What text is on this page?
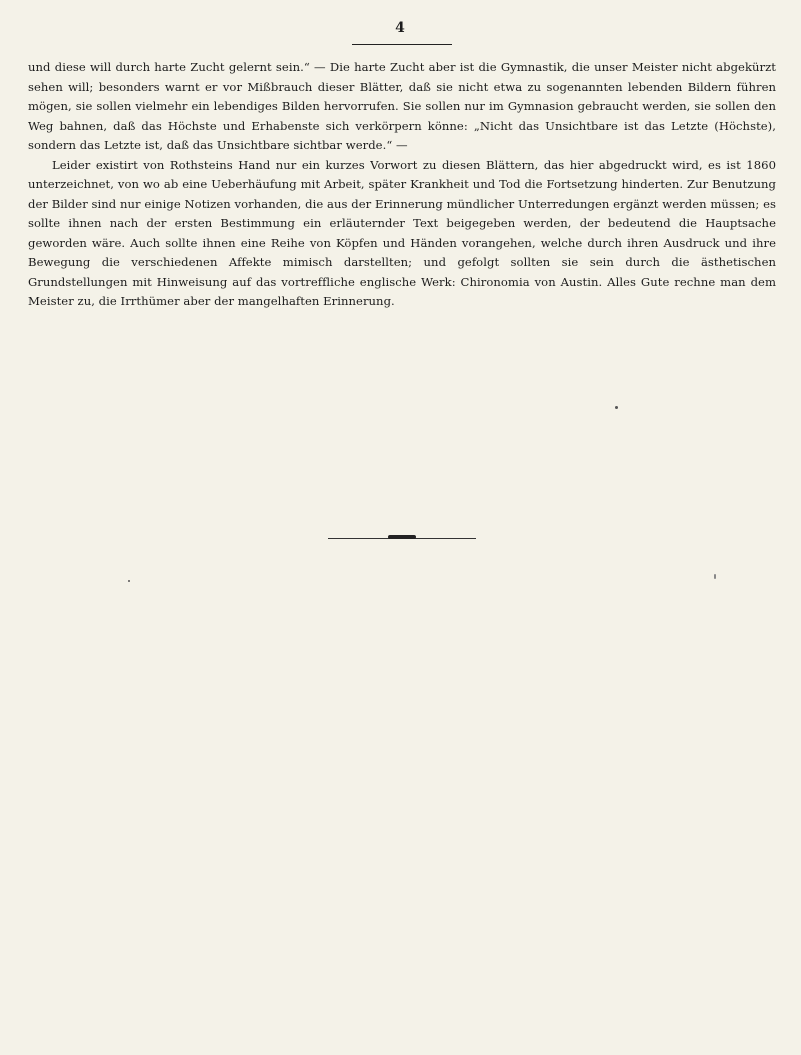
4

und diese will durch harte Zucht gelernt sein.“ — Die harte Zucht aber ist die Gymnastik, die unser Meister nicht abgekürzt sehen will; besonders warnt er vor Mißbrauch dieser Blätter, daß sie nicht etwa zu sogenannten lebenden Bildern führen mögen, sie sollen vielmehr ein lebendiges Bilden hervorrufen. Sie sollen nur im Gymnasion gebraucht werden, sie sollen den Weg bahnen, daß das Höchste und Erhabenste sich verkörpern könne: „Nicht das Unsichtbare ist das Letzte (Höchste), sondern das Letzte ist, daß das Unsichtbare sichtbar werde.“ —

Leider existirt von Rothsteins Hand nur ein kurzes Vorwort zu diesen Blättern, das hier abgedruckt wird, es ist 1860 unterzeichnet, von wo ab eine Ueberhäufung mit Arbeit, später Krankheit und Tod die Fortsetzung hinderten. Zur Benutzung der Bilder sind nur einige Notizen vorhanden, die aus der Erinnerung mündlicher Unterredungen ergänzt werden müssen; es sollte ihnen nach der ersten Bestimmung ein erläuternder Text beigegeben werden, der bedeutend die Hauptsache geworden wäre. Auch sollte ihnen eine Reihe von Köpfen und Händen vorangehen, welche durch ihren Ausdruck und ihre Bewegung die verschiedenen Affekte mimisch darstellten; und gefolgt sollten sie sein durch die ästhetischen Grundstellungen mit Hinweisung auf das vortreffliche englische Werk: Chironomia von Austin. Alles Gute rechne man dem Meister zu, die Irrthümer aber der mangelhaften Erinnerung.
